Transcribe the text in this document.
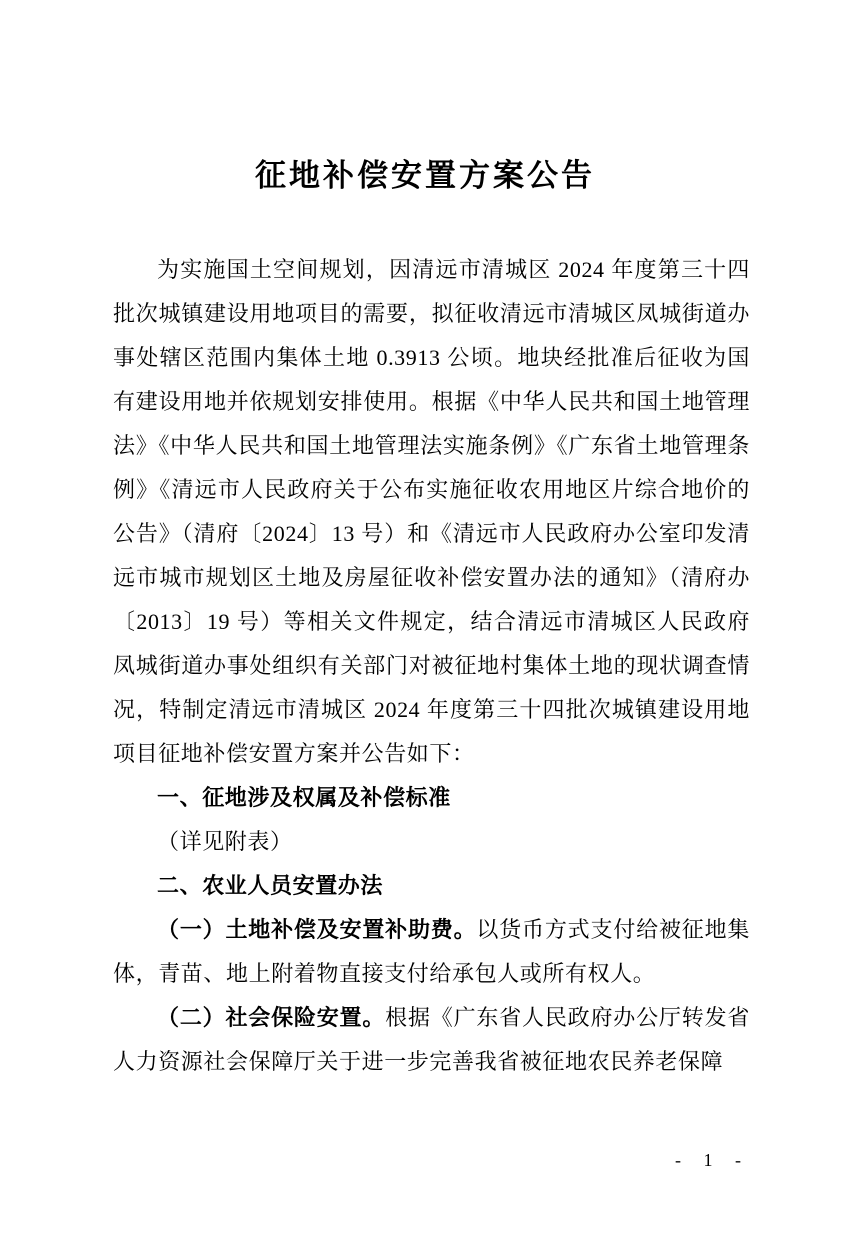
征地补偿安置方案公告

为实施国土空间规划，因清远市清城区 2024 年度第三十四批次城镇建设用地项目的需要，拟征收清远市清城区凤城街道办事处辖区范围内集体土地 0.3913 公顷。地块经批准后征收为国有建设用地并依规划安排使用。根据《中华人民共和国土地管理法》《中华人民共和国土地管理法实施条例》《广东省土地管理条例》《清远市人民政府关于公布实施征收农用地区片综合地价的公告》（清府〔2024〕13 号）和《清远市人民政府办公室印发清远市城市规划区土地及房屋征收补偿安置办法的通知》（清府办〔2013〕19 号）等相关文件规定，结合清远市清城区人民政府凤城街道办事处组织有关部门对被征地村集体土地的现状调查情况，特制定清远市清城区 2024 年度第三十四批次城镇建设用地项目征地补偿安置方案并公告如下：

一、征地涉及权属及补偿标准

（详见附表）

二、农业人员安置办法

（一）土地补偿及安置补助费。以货币方式支付给被征地集体，青苗、地上附着物直接支付给承包人或所有权人。

（二）社会保险安置。根据《广东省人民政府办公厅转发省人力资源社会保障厅关于进一步完善我省被征地农民养老保障

- 1 -
